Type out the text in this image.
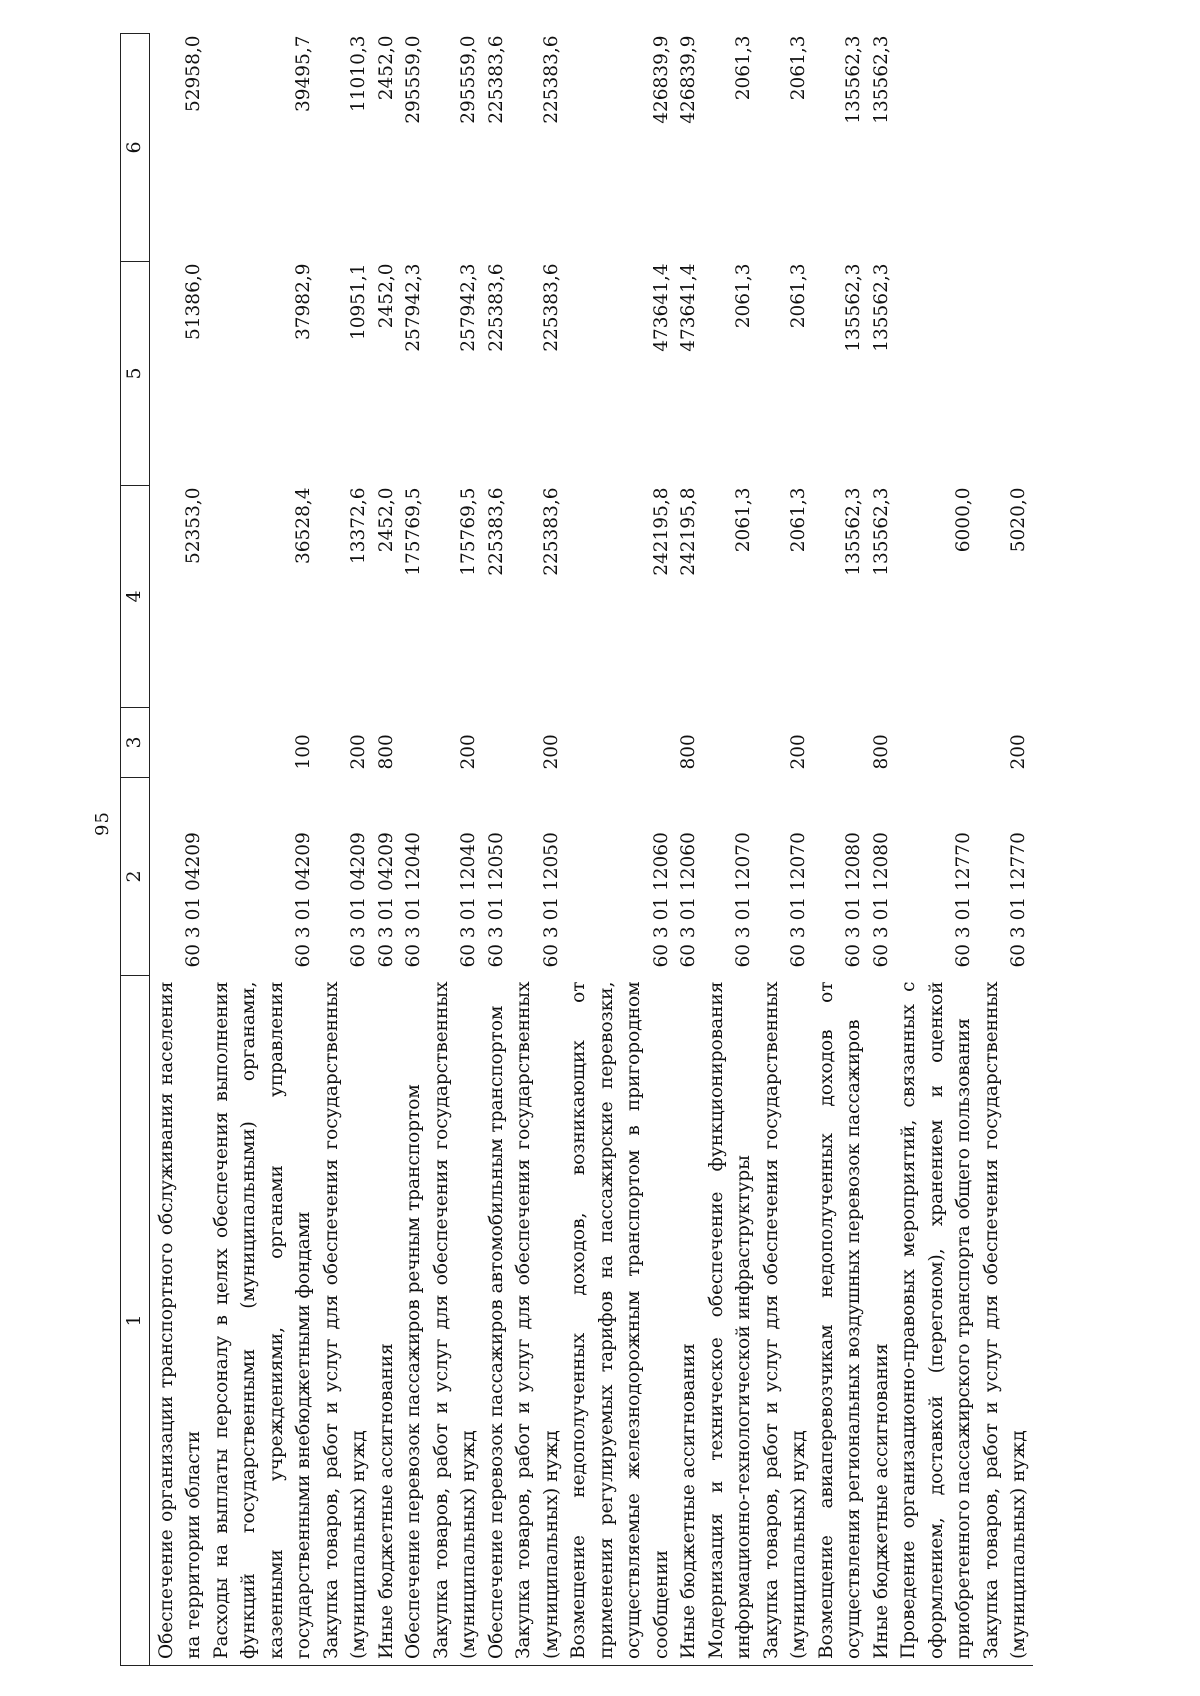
95
1	2	3	4	5	6
Обеспечение организации транспортного обслуживания населения на территории области	60 3 01 04209		52353,0	51386,0	52958,0
Расходы на выплаты персоналу в целях обеспечения выполнения функций государственными (муниципальными) органами, казенными учреждениями, органами управления государственными внебюджетными фондами	60 3 01 04209	100	36528,4	37982,9	39495,7
Закупка товаров, работ и услуг для обеспечения государственных (муниципальных) нужд	60 3 01 04209	200	13372,6	10951,1	11010,3
Иные бюджетные ассигнования	60 3 01 04209	800	2452,0	2452,0	2452,0
Обеспечение перевозок пассажиров речным транспортом	60 3 01 12040		175769,5	257942,3	295559,0
Закупка товаров, работ и услуг для обеспечения государственных (муниципальных) нужд	60 3 01 12040	200	175769,5	257942,3	295559,0
Обеспечение перевозок пассажиров автомобильным транспортом	60 3 01 12050		225383,6	225383,6	225383,6
Закупка товаров, работ и услуг для обеспечения государственных (муниципальных) нужд	60 3 01 12050	200	225383,6	225383,6	225383,6
Возмещение недополученных доходов, возникающих от применения регулируемых тарифов на пассажирские перевозки, осуществляемые железнодорожным транспортом в пригородном сообщении	60 3 01 12060		242195,8	473641,4	426839,9
Иные бюджетные ассигнования	60 3 01 12060	800	242195,8	473641,4	426839,9
Модернизация и техническое обеспечение функционирования информационно-технологической инфраструктуры	60 3 01 12070		2061,3	2061,3	2061,3
Закупка товаров, работ и услуг для обеспечения государственных (муниципальных) нужд	60 3 01 12070	200	2061,3	2061,3	2061,3
Возмещение авиаперевозчикам недополученных доходов от осуществления региональных воздушных перевозок пассажиров	60 3 01 12080		135562,3	135562,3	135562,3
Иные бюджетные ассигнования	60 3 01 12080	800	135562,3	135562,3	135562,3
Проведение организационно-правовых мероприятий, связанных с оформлением, доставкой (перегоном), хранением и оценкой приобретенного пассажирского транспорта общего пользования	60 3 01 12770		6000,0		
Закупка товаров, работ и услуг для обеспечения государственных (муниципальных) нужд	60 3 01 12770	200	5020,0		
